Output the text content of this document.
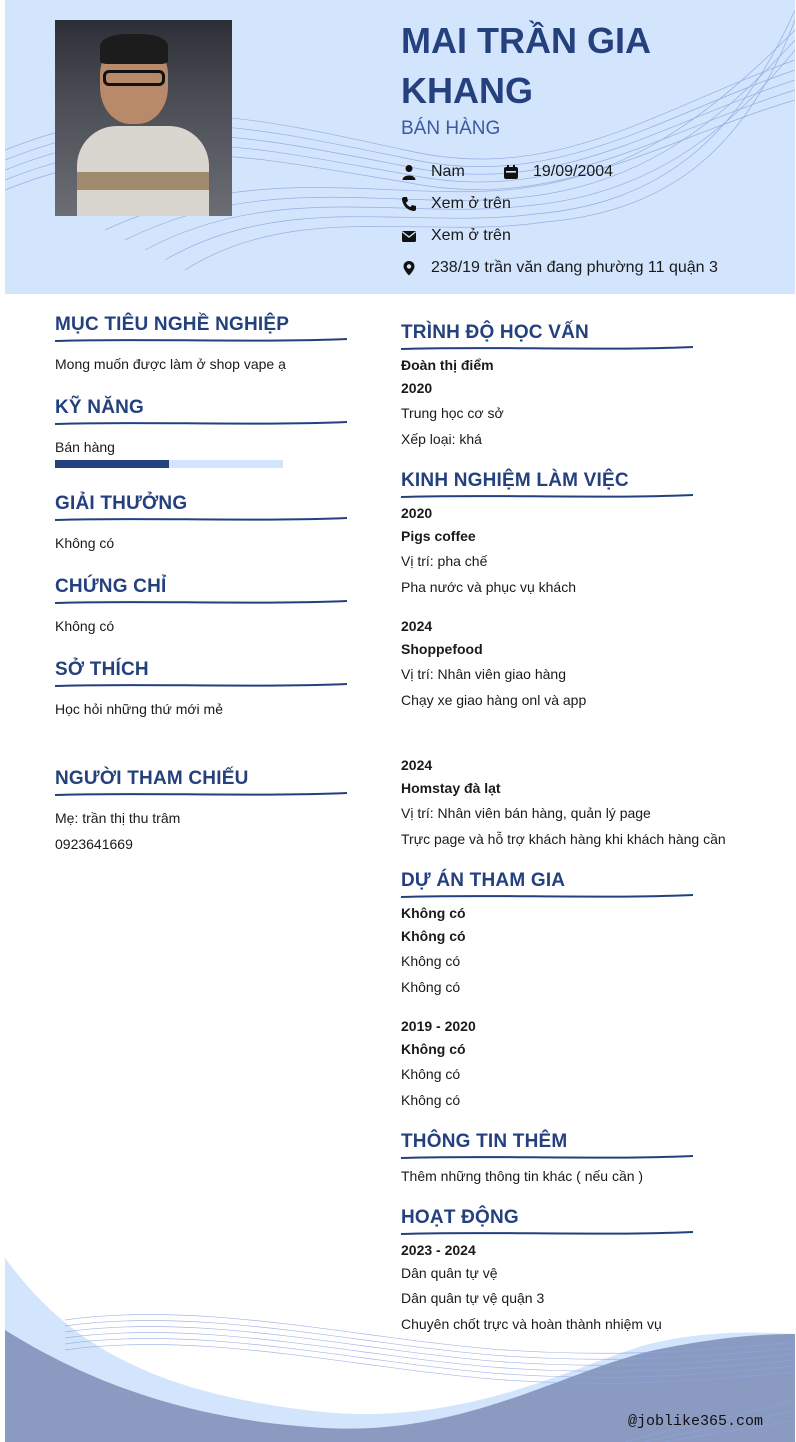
MAI TRẦN GIA KHANG
BÁN HÀNG
Nam	19/09/2004
Xem ở trên
Xem ở trên
238/19 trần văn đang phường 11 quận 3
MỤC TIÊU NGHỀ NGHIỆP
Mong muốn được làm ở shop vape ạ
KỸ NĂNG
Bán hàng
GIẢI THƯỞNG
Không có
CHỨNG CHỈ
Không có
SỞ THÍCH
Học hỏi những thứ mới mẻ
NGƯỜI THAM CHIẾU
Mẹ: trần thị thu trâm
0923641669
TRÌNH ĐỘ HỌC VẤN
Đoàn thị điểm
2020
Trung học cơ sở
Xếp loại: khá
KINH NGHIỆM LÀM VIỆC
2020
Pigs coffee
Vị trí: pha chế
Pha nước và phục vụ khách
2024
Shoppefood
Vị trí: Nhân viên giao hàng
Chạy xe giao hàng onl và app
2024
Homstay đà lạt
Vị trí: Nhân viên bán hàng, quản lý page
Trực page và hỗ trợ khách hàng khi khách hàng cần
DỰ ÁN THAM GIA
Không có
Không có
Không có
Không có
2019 - 2020
Không có
Không có
Không có
THÔNG TIN THÊM
Thêm những thông tin khác ( nếu cần )
HOẠT ĐỘNG
2023 - 2024
Dân quân tự vệ
Dân quân tự vệ quận 3
Chuyên chốt trực và hoàn thành nhiệm vụ
@joblike365.com
